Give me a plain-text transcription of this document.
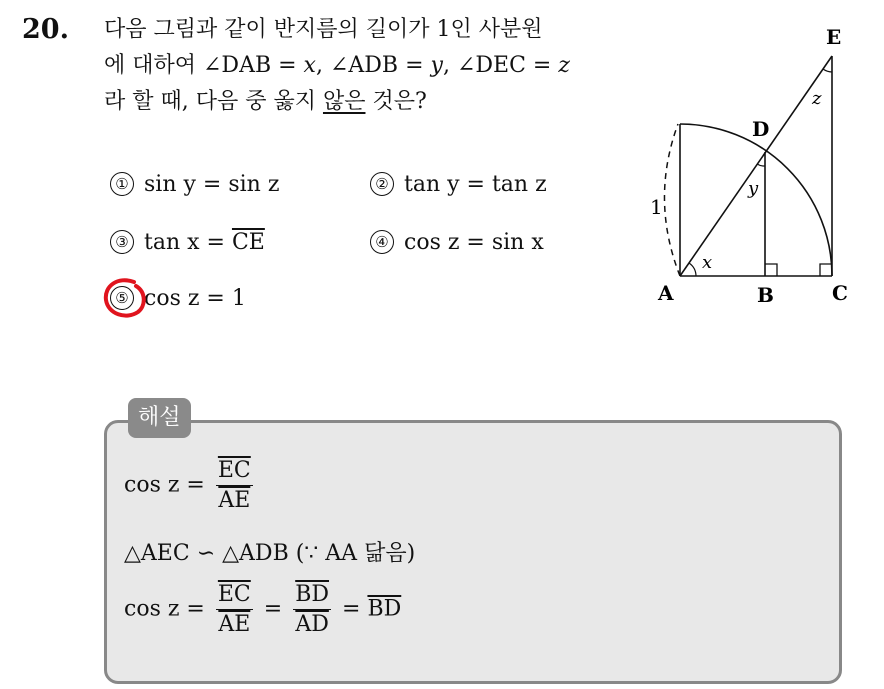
20. 다음 그림과 같이 반지름의 길이가 1인 사분원
에 대하여 ∠DAB = x, ∠ADB = y, ∠DEC = z
라 할 때, 다음 중 옳지 않은 것은?
① sin y = sin z	② tan y = tan z
③ $\tan x = \overline{CE}$	④ cos z = sin x
⑤ cos z = 1	A	B	C
D
E
1
x
y
z
해설
$\cos z = \frac{\overline{EC}}{AE}$
△AEC ∽ △ADB (∵ AA 닮음)
$\cos z = \frac{\overline{EC}}{AE} = \frac{\overline{BD}}{AD} = \overline{BD}$
